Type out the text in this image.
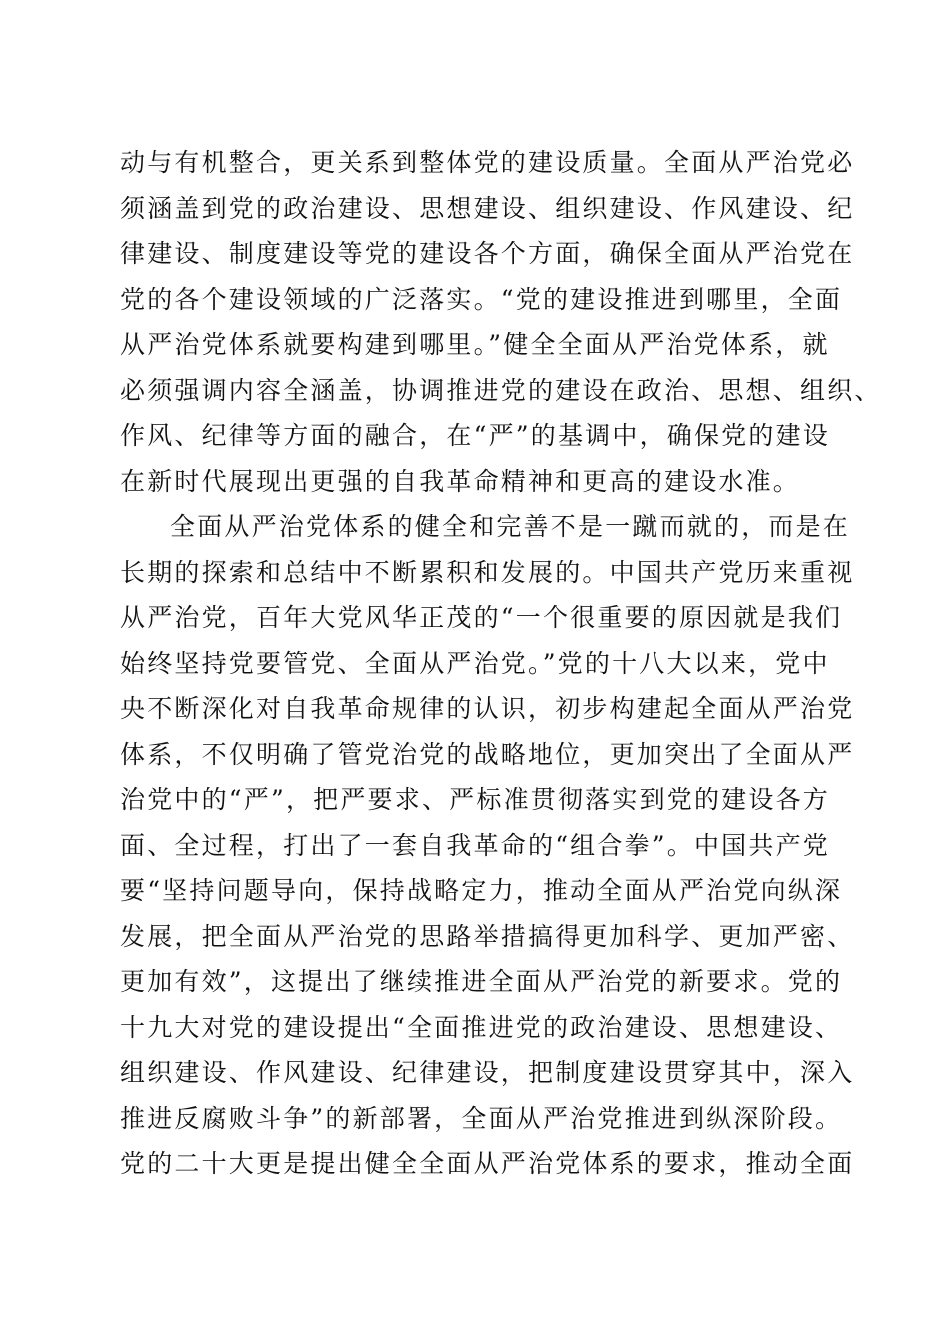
动与有机整合，更关系到整体党的建设质量。全面从严治党必
须涵盖到党的政治建设、思想建设、组织建设、作风建设、纪
律建设、制度建设等党的建设各个方面，确保全面从严治党在
党的各个建设领域的广泛落实。“党的建设推进到哪里，全面
从严治党体系就要构建到哪里。”健全全面从严治党体系，就
必须强调内容全涵盖，协调推进党的建设在政治、思想、组织、
作风、纪律等方面的融合，在“严”的基调中，确保党的建设
在新时代展现出更强的自我革命精神和更高的建设水准。
全面从严治党体系的健全和完善不是一蹴而就的，而是在
长期的探索和总结中不断累积和发展的。中国共产党历来重视
从严治党，百年大党风华正茂的“一个很重要的原因就是我们
始终坚持党要管党、全面从严治党。”党的十八大以来，党中
央不断深化对自我革命规律的认识，初步构建起全面从严治党
体系，不仅明确了管党治党的战略地位，更加突出了全面从严
治党中的“严”，把严要求、严标准贯彻落实到党的建设各方
面、全过程，打出了一套自我革命的“组合拳”。中国共产党
要“坚持问题导向，保持战略定力，推动全面从严治党向纵深
发展，把全面从严治党的思路举措搞得更加科学、更加严密、
更加有效”，这提出了继续推进全面从严治党的新要求。党的
十九大对党的建设提出“全面推进党的政治建设、思想建设、
组织建设、作风建设、纪律建设，把制度建设贯穿其中，深入
推进反腐败斗争”的新部署，全面从严治党推进到纵深阶段。
党的二十大更是提出健全全面从严治党体系的要求，推动全面
